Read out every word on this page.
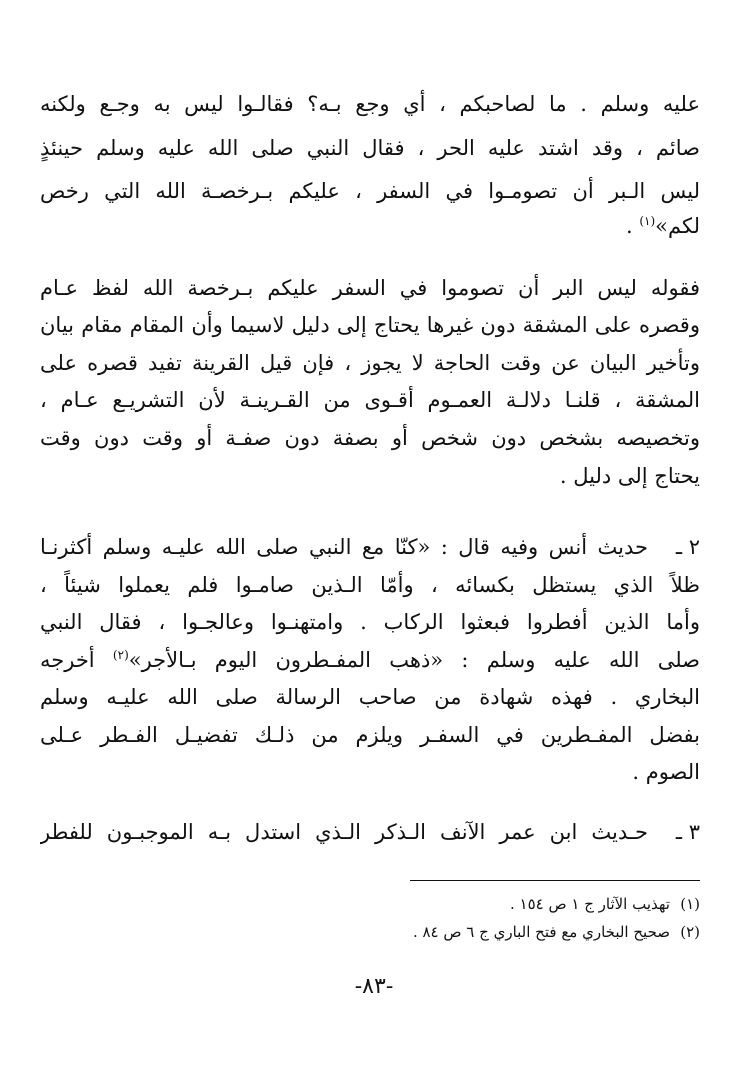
عليه وسلم . ما لصاحبكم ، أي وجع بـه؟ فقالـوا ليس به وجـع ولكنه
صائم ، وقد اشتد عليه الحر ، فقال النبي صلى الله عليه وسلم حينئذٍ
ليس الـبر أن تصومـوا في السفر ، عليكم بـرخصـة الله التي رخص
لكم»$^{(١)}$ .
فقوله ليس البر أن تصوموا في السفر عليكم بـرخصة الله لفظ عـام
وقصره على المشقة دون غيرها يحتاج إلى دليل لاسيما وأن المقام مقام بيان
وتأخير البيان عن وقت الحاجة لا يجوز ، فإن قيل القرينة تفيد قصره على
المشقة ، قلنـا دلالـة العمـوم أقـوى من القـرينـة لأن التشريـع عـام ،
وتخصيصه بشخص دون شخص أو بصفة دون صفـة أو وقت دون وقت
يحتاج إلى دليل .
٢ ـ
حديث أنس وفيه قال : «كنّا مع النبي صلى الله عليـه وسلم أكثرنـا
ظلاً الذي يستظل بكسائه ، وأمّا الـذين صامـوا فلم يعملوا شيئاً ،
وأما الذين أفطروا فبعثوا الركاب . وامتهنـوا وعالجـوا ، فقال النبي
صلى الله عليه وسلم : «ذهب المفـطرون اليوم بـالأجر»$^{(٢)}$ أخرجه
البخاري . فهذه شهادة من صاحب الرسالة صلى الله عليـه وسلم
بفضل المفـطرين في السفـر ويلزم من ذلـك تفضيـل الفـطر عـلى
الصوم .
٣ ـ
حـديث ابن عمر الآنف الـذكر الـذي استدل بـه الموجبـون للفطر
(١)
تهذيب الآثار ج ١ ص ١٥٤ .
(٢)
صحيح البخاري مع فتح الباري ج ٦ ص ٨٤ .
-٨٣-
